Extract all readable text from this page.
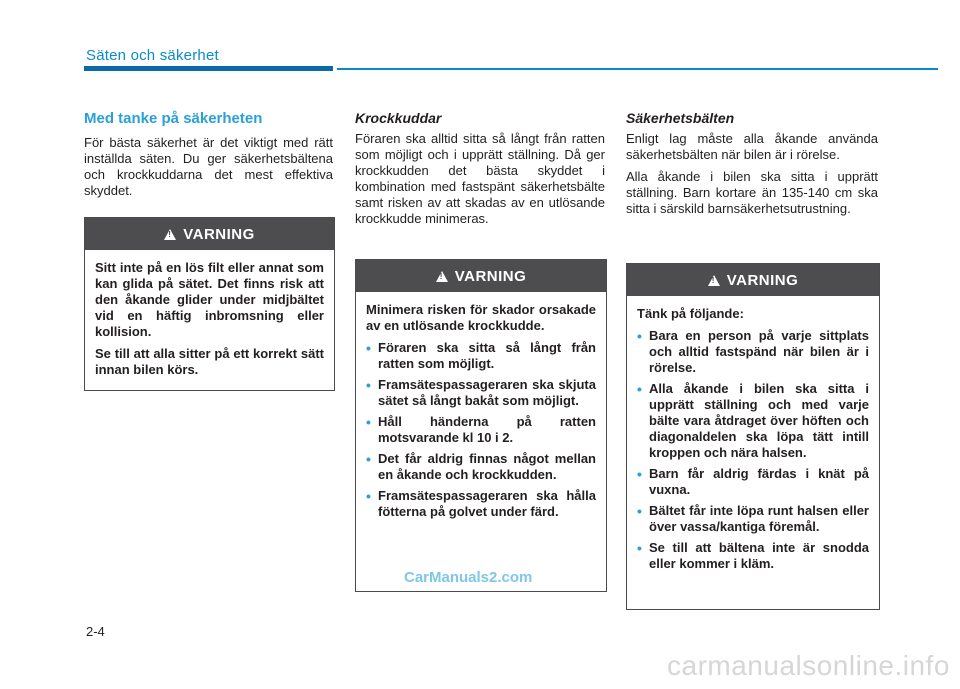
Säten och säkerhet
Med tanke på säkerheten

För bästa säkerhet är det viktigt med rätt inställda säten. Du ger säkerhetsbältena och krockkuddarna det mest effektiva skyddet.

!
VARNING

Sitt inte på en lös filt eller annat som kan glida på sätet. Det finns risk att den åkande glider under midjbältet vid en häftig inbromsning eller kollision.

Se till att alla sitter på ett korrekt sätt innan bilen körs.

Krockkuddar

Föraren ska alltid sitta så långt från ratten som möjligt och i upprätt ställning. Då ger krockkudden det bästa skyddet i kombination med fastspänt säkerhetsbälte samt risken av att skadas av en utlösande krockkudde minimeras.

!
VARNING

Minimera risken för skador orsakade av en utlösande krockkudde.

• Föraren ska sitta så långt från ratten som möjligt.
• Framsätespassageraren ska skjuta sätet så långt bakåt som möjligt.
• Håll händerna på ratten motsvarande kl 10 i 2.
• Det får aldrig finnas något mellan en åkande och krockkudden.
• Framsätespassageraren ska hålla fötterna på golvet under färd.
Säkerhetsbälten

Enligt lag måste alla åkande använda säkerhetsbälten när bilen är i rörelse.

Alla åkande i bilen ska sitta i upprätt ställning. Barn kortare än 135-140 cm ska sitta i särskild barnsäkerhetsutrustning.

!
VARNING

Tänk på följande:

• Bara en person på varje sittplats och alltid fastspänd när bilen är i rörelse.
• Alla åkande i bilen ska sitta i upprätt ställning och med varje bälte vara åtdraget över höften och diagonaldelen ska löpa tätt intill kroppen och nära halsen.
• Barn får aldrig färdas i knät på vuxna.
• Bältet får inte löpa runt halsen eller över vassa/kantiga föremål.
• Se till att bältena inte är snodda eller kommer i kläm.
CarManuals2.com
2-4
carmanualsonline.info
